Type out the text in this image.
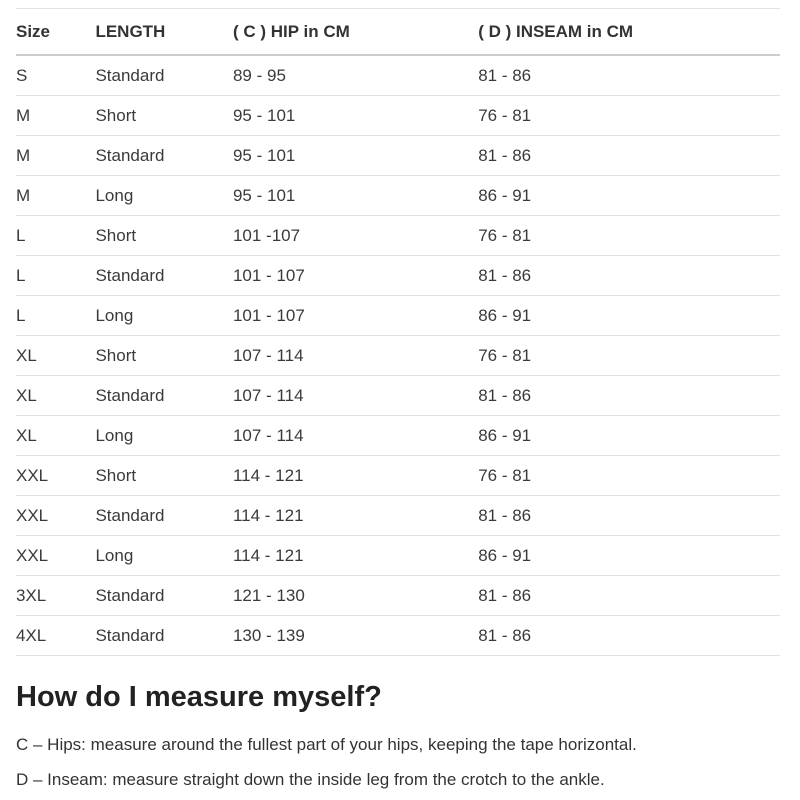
Size	LENGTH	( C ) HIP in CM	( D ) INSEAM in CM
S	Standard	89 - 95	81 - 86
M	Short	95 - 101	76 - 81
M	Standard	95 - 101	81 - 86
M	Long	95 - 101	86 - 91
L	Short	101 -107	76 - 81
L	Standard	101 - 107	81 - 86
L	Long	101 - 107	86 - 91
XL	Short	107 - 114	76 - 81
XL	Standard	107 - 114	81 - 86
XL	Long	107 - 114	86 - 91
XXL	Short	114 - 121	76 - 81
XXL	Standard	114 - 121	81 - 86
XXL	Long	114 - 121	86 - 91
3XL	Standard	121 - 130	81 - 86
4XL	Standard	130 - 139	81 - 86
How do I measure myself?

C – Hips: measure around the fullest part of your hips, keeping the tape horizontal.

D – Inseam: measure straight down the inside leg from the crotch to the ankle.
